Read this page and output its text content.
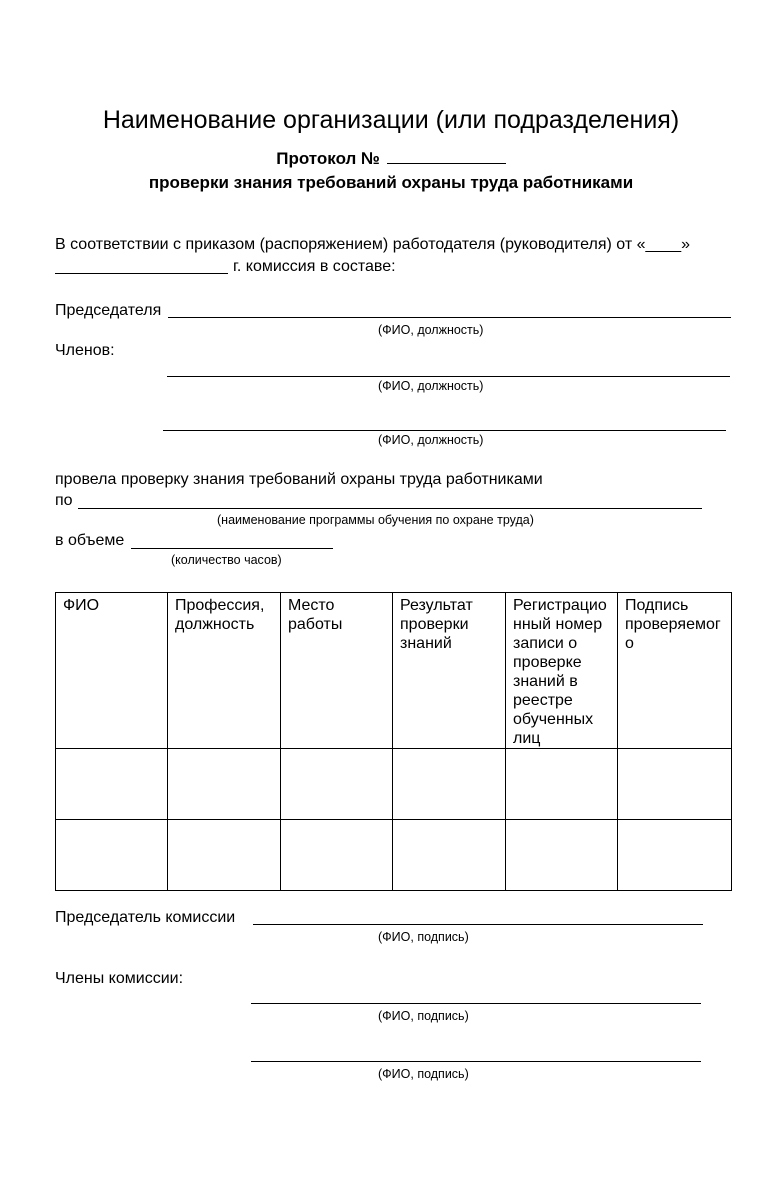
Наименование организации (или подразделения)
Протокол №
проверки знания требований охраны труда работниками
В соответствии с приказом (распоряжением) работодателя (руководителя) от «____»
г. комиссия в составе:
Председателя
(ФИО, должность)
Членов:
(ФИО, должность)
(ФИО, должность)
провела проверку знания требований охраны труда работниками
по
(наименование программы обучения по охране труда)
в объеме
(количество часов)
ФИО	Профессия, должность	Место работы	Результат проверки знаний	Регистрационный номер записи о проверке знаний в реестре обученных лиц	Подпись проверяемого

Председатель комиссии
(ФИО, подпись)
Члены комиссии:
(ФИО, подпись)
(ФИО, подпись)
